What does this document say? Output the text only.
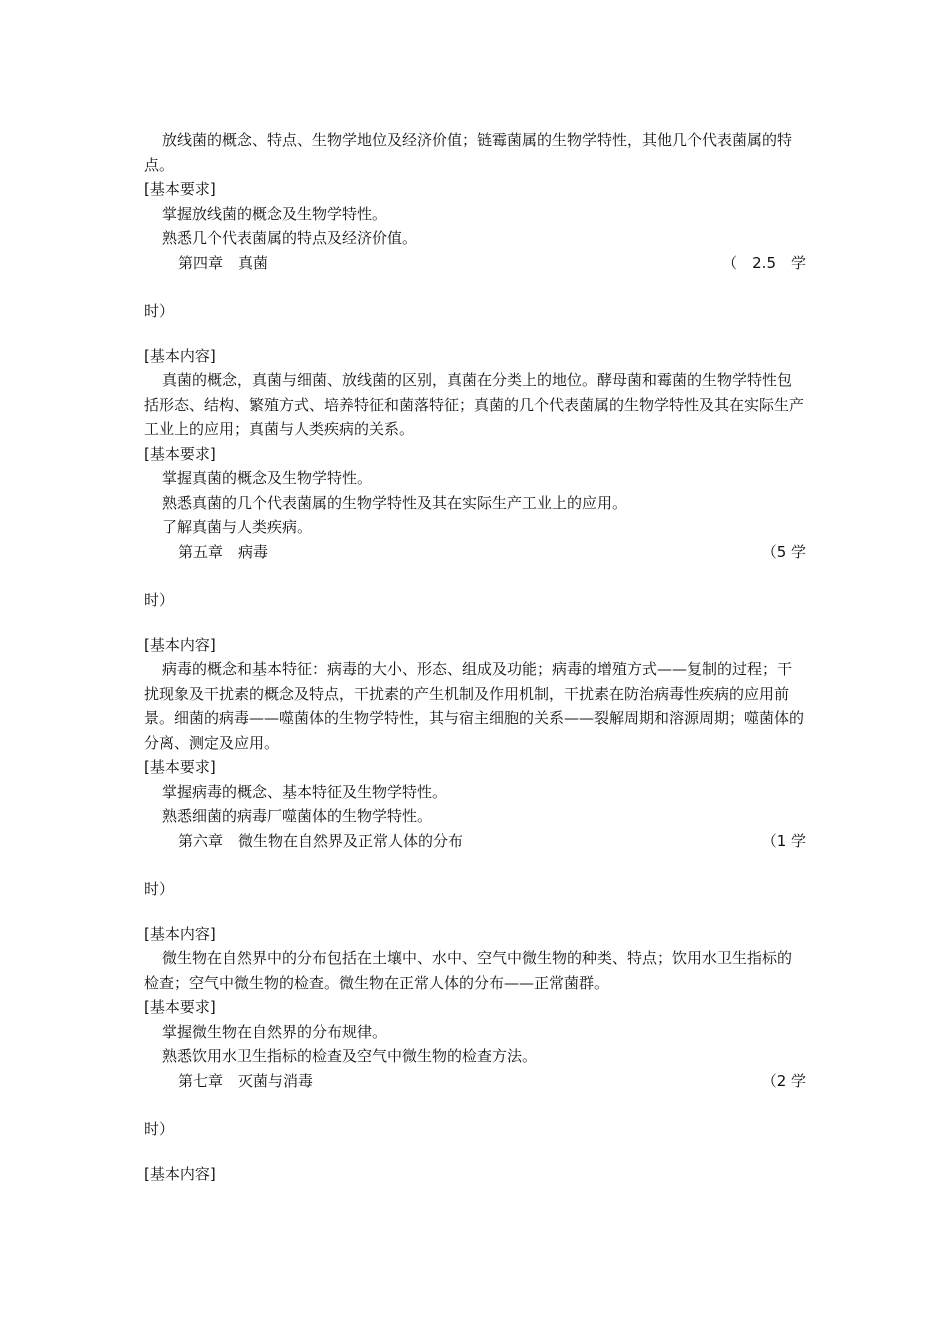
放线菌的概念、特点、生物学地位及经济价值；链霉菌属的生物学特性，其他几个代表菌属的特点。

[基本要求]

掌握放线菌的概念及生物学特性。

熟悉几个代表菌属的特点及经济价值。

第四章　真菌	（　2.5　学

时）

[基本内容]

真菌的概念，真菌与细菌、放线菌的区别，真菌在分类上的地位。酵母菌和霉菌的生物学特性包括形态、结构、繁殖方式、培养特征和菌落特征；真菌的几个代表菌属的生物学特性及其在实际生产工业上的应用；真菌与人类疾病的关系。

[基本要求]

掌握真菌的概念及生物学特性。

熟悉真菌的几个代表菌属的生物学特性及其在实际生产工业上的应用。

了解真菌与人类疾病。

第五章　病毒	（5 学

时）

[基本内容]

病毒的概念和基本特征：病毒的大小、形态、组成及功能；病毒的增殖方式——复制的过程；干扰现象及干扰素的概念及特点，干扰素的产生机制及作用机制，干扰素在防治病毒性疾病的应用前景。细菌的病毒——噬菌体的生物学特性，其与宿主细胞的关系——裂解周期和溶源周期；噬菌体的分离、测定及应用。

[基本要求]

掌握病毒的概念、基本特征及生物学特性。

熟悉细菌的病毒厂噬菌体的生物学特性。

第六章　微生物在自然界及正常人体的分布	（1 学

时）

[基本内容]

微生物在自然界中的分布包括在土壤中、水中、空气中微生物的种类、特点；饮用水卫生指标的检查；空气中微生物的检查。微生物在正常人体的分布——正常菌群。

[基本要求]

掌握微生物在自然界的分布规律。

熟悉饮用水卫生指标的检查及空气中微生物的检查方法。

第七章　灭菌与消毒	（2 学

时）

[基本内容]
